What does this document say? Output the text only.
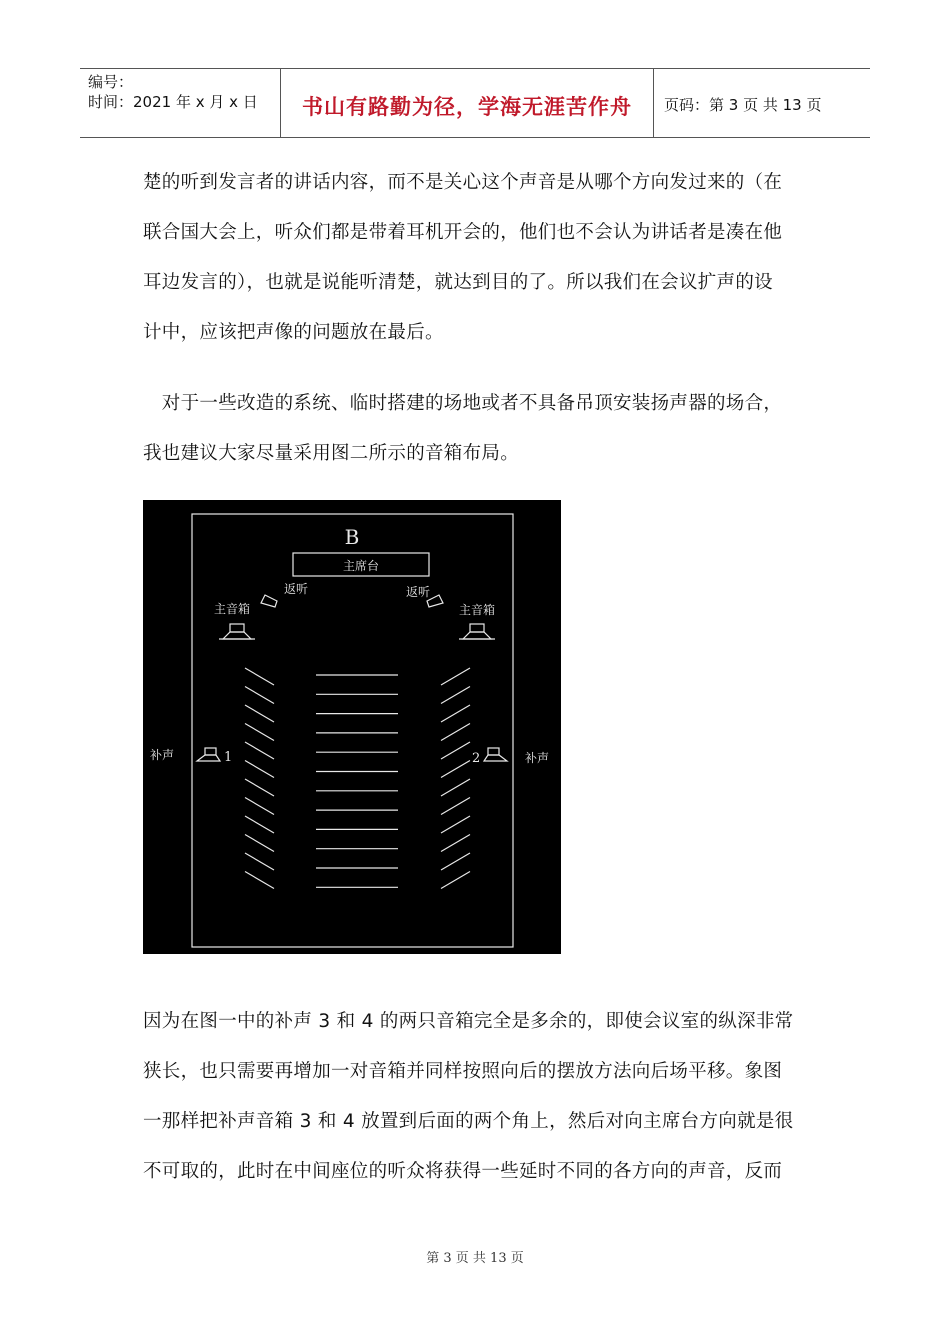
编号：
时间：2021 年 x 月 x 日	书山有路勤为径，学海无涯苦作舟	页码：第 3 页 共 13 页
楚的听到发言者的讲话内容，而不是关心这个声音是从哪个方向发过来的（在
联合国大会上，听众们都是带着耳机开会的，他们也不会认为讲话者是凑在他
耳边发言的），也就是说能听清楚，就达到目的了。所以我们在会议扩声的设
计中，应该把声像的问题放在最后。
　对于一些改造的系统、临时搭建的场地或者不具备吊顶安装扬声器的场合，
我也建议大家尽量采用图二所示的音箱布局。
B
主席台
返听	返听
主音箱	主音箱
补声	补声
1	2
因为在图一中的补声 3 和 4 的两只音箱完全是多余的，即使会议室的纵深非常
狭长，也只需要再增加一对音箱并同样按照向后的摆放方法向后场平移。象图
一那样把补声音箱 3 和 4 放置到后面的两个角上，然后对向主席台方向就是很
不可取的，此时在中间座位的听众将获得一些延时不同的各方向的声音，反而
第 3 页 共 13 页
